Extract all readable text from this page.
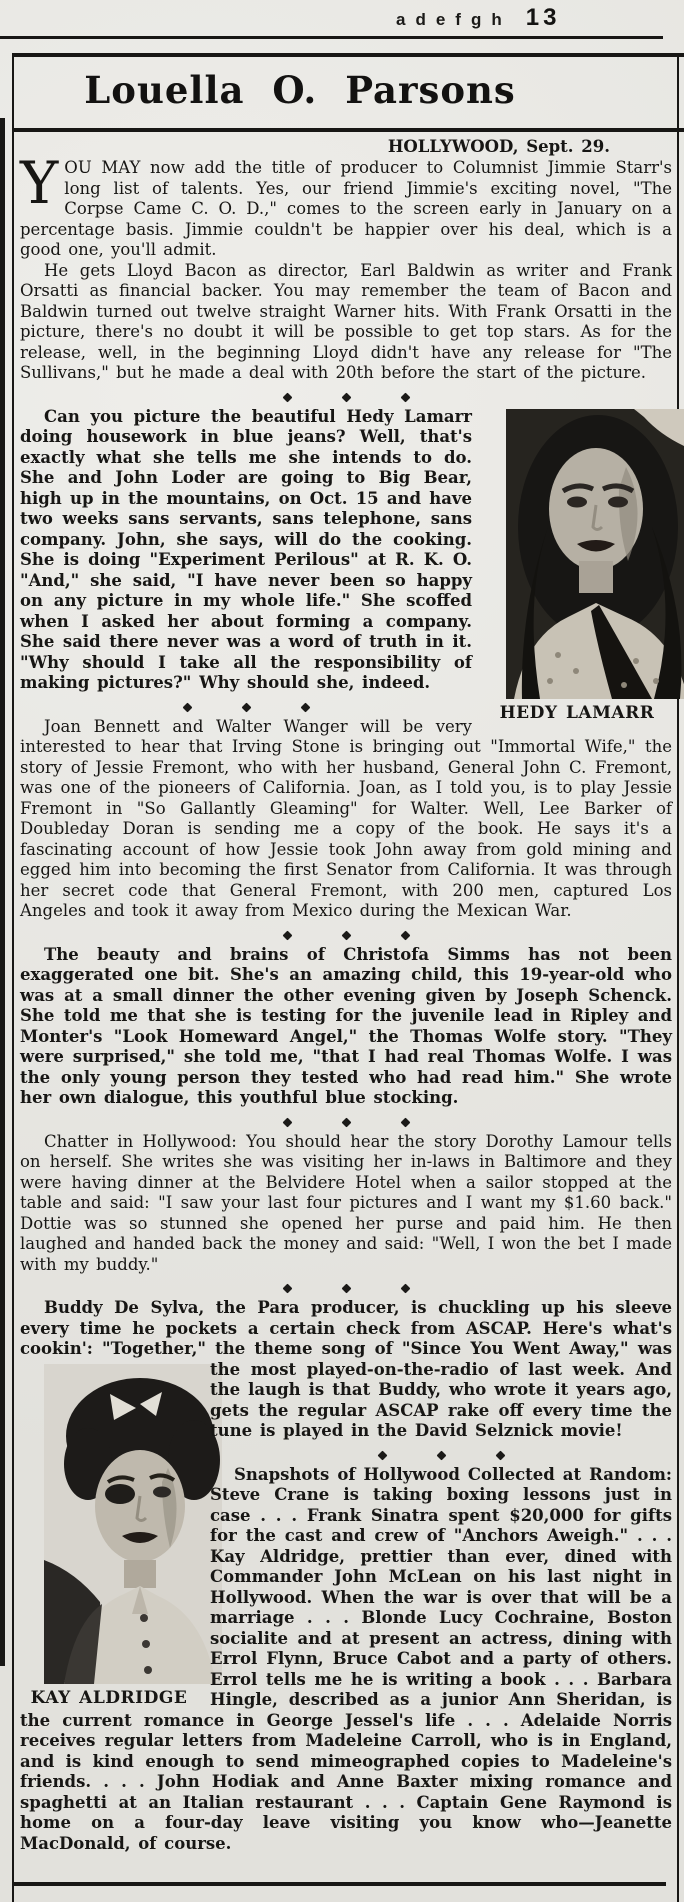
adefgh 13
Louella O. Parsons
HOLLYWOOD, Sept. 29.

YOU MAY now add the title of producer to Columnist Jimmie Starr's long list of talents. Yes, our friend Jimmie's exciting novel, "The Corpse Came C. O. D.," comes to the screen early in January on a percentage basis. Jimmie couldn't be happier over his deal, which is a good one, you'll admit.

He gets Lloyd Bacon as director, Earl Baldwin as writer and Frank Orsatti as financial backer. You may remember the team of Bacon and Baldwin turned out twelve straight Warner hits. With Frank Orsatti in the picture, there's no doubt it will be possible to get top stars. As for the release, well, in the beginning Lloyd didn't have any release for "The Sullivans," but he made a deal with 20th before the start of the picture.

HEDY LAMARR
Can you picture the beautiful Hedy Lamarr doing housework in blue jeans? Well, that's exactly what she tells me she intends to do. She and John Loder are going to Big Bear, high up in the mountains, on Oct. 15 and have two weeks sans servants, sans telephone, sans company. John, she says, will do the cooking. She is doing "Experiment Perilous" at R. K. O. "And," she said, "I have never been so happy on any picture in my whole life." She scoffed when I asked her about forming a company. She said there never was a word of truth in it. "Why should I take all the responsibility of making pictures?" Why should she, indeed.

Joan Bennett and Walter Wanger will be very interested to hear that Irving Stone is bringing out "Immortal Wife," the story of Jessie Fremont, who with her husband, General John C. Fremont, was one of the pioneers of California. Joan, as I told you, is to play Jessie Fremont in "So Gallantly Gleaming" for Walter. Well, Lee Barker of Doubleday Doran is sending me a copy of the book. He says it's a fascinating account of how Jessie took John away from gold mining and egged him into becoming the first Senator from California. It was through her secret code that General Fremont, with 200 men, captured Los Angeles and took it away from Mexico during the Mexican War.

The beauty and brains of Christofa Simms has not been exaggerated one bit. She's an amazing child, this 19-year-old who was at a small dinner the other evening given by Joseph Schenck. She told me that she is testing for the juvenile lead in Ripley and Monter's "Look Homeward Angel," the Thomas Wolfe story. "They were surprised," she told me, "that I had real Thomas Wolfe. I was the only young person they tested who had read him." She wrote her own dialogue, this youthful blue stocking.

Chatter in Hollywood: You should hear the story Dorothy Lamour tells on herself. She writes she was visiting her in-laws in Baltimore and they were having dinner at the Belvidere Hotel when a sailor stopped at the table and said: "I saw your last four pictures and I want my $1.60 back." Dottie was so stunned she opened her purse and paid him. He then laughed and handed back the money and said: "Well, I won the bet I made with my buddy."

Buddy De Sylva, the Para producer, is chuckling up his sleeve every time he pockets a certain check from ASCAP. Here's what's cookin': "Together," the theme song of "Since You Went Away,"
KAY ALDRIDGE
was the most played-on-the-radio of last week. And the laugh is that Buddy, who wrote it years ago, gets the regular ASCAP rake off every time the tune is played in the David Selznick movie!

Snapshots of Hollywood Collected at Random: Steve Crane is taking boxing lessons just in case . . . Frank Sinatra spent $20,000 for gifts for the cast and crew of "Anchors Aweigh." . . . Kay Aldridge, prettier than ever, dined with Commander John McLean on his last night in Hollywood. When the war is over that will be a marriage . . . Blonde Lucy Cochraine, Boston socialite and at present an actress, dining with Errol Flynn, Bruce Cabot and a party of others. Errol tells me he is writing a book . . . Barbara Hingle, described as a junior Ann Sheridan, is the current romance in George Jessel's life . . . Adelaide Norris receives regular letters from Madeleine Carroll, who is in England, and is kind enough to send mimeographed copies to Madeleine's friends. . . . John Hodiak and Anne Baxter mixing romance and spaghetti at an Italian restaurant . . . Captain Gene Raymond is home on a four-day leave visiting you know who—Jeanette MacDonald, of course.
